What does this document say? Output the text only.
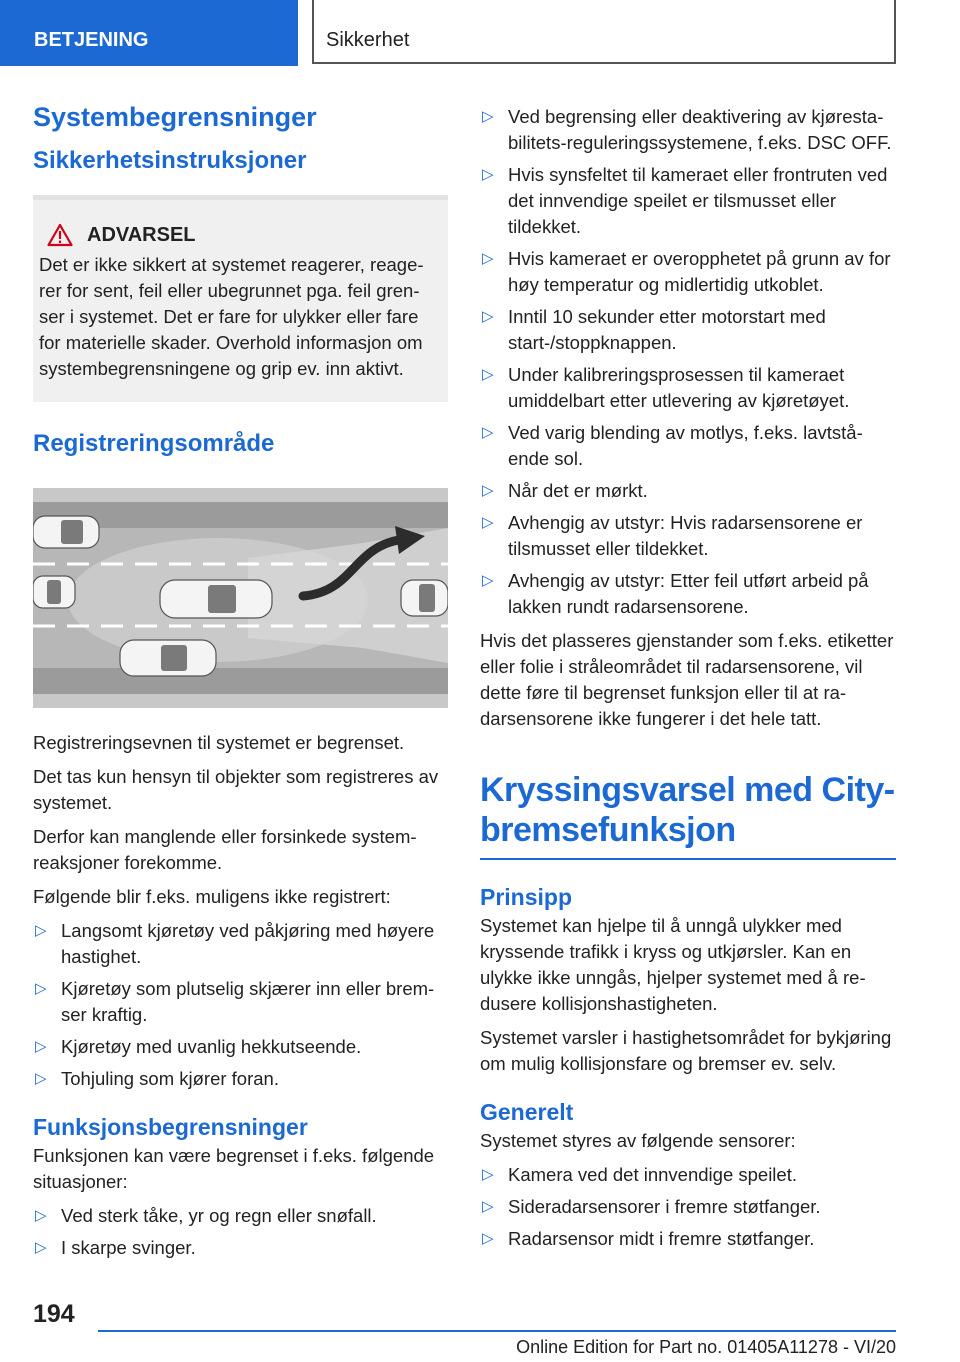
BETJENING	Sikkerhet
Systembegrensninger
Sikkerhetsinstruksjoner
ADVARSEL
Det er ikke sikkert at systemet reagerer, reagerer for sent, feil eller ubegrunnet pga. feil grenser i systemet. Det er fare for ulykker eller fare for materielle skader. Overhold informasjon om systembegrensningene og grip ev. inn aktivt.
Registreringsområde

Registreringsevnen til systemet er begrenset.

Det tas kun hensyn til objekter som registreres av systemet.

Derfor kan manglende eller forsinkede systemreaksjoner forekomme.

Følgende blir f.eks. muligens ikke registrert:

▷ Langsomt kjøretøy ved påkjøring med høyere hastighet.
▷ Kjøretøy som plutselig skjærer inn eller bremser kraftig.
▷ Kjøretøy med uvanlig hekkutseende.
▷ Tohjuling som kjører foran.
Funksjonsbegrensninger

Funksjonen kan være begrenset i f.eks. følgende situasjoner:

▷ Ved sterk tåke, yr og regn eller snøfall.
▷ I skarpe svinger.
▷ Ved begrensing eller deaktivering av kjørestabilitets-reguleringssystemene, f.eks. DSC OFF.
▷ Hvis synsfeltet til kameraet eller frontruten ved det innvendige speilet er tilsmusset eller tildekket.
▷ Hvis kameraet er overopphetet på grunn av for høy temperatur og midlertidig utkoblet.
▷ Inntil 10 sekunder etter motorstart med start-/stoppknappen.
▷ Under kalibreringsprosessen til kameraet umiddelbart etter utlevering av kjøretøyet.
▷ Ved varig blending av motlys, f.eks. lavtstående sol.
▷ Når det er mørkt.
▷ Avhengig av utstyr: Hvis radarsensorene er tilsmusset eller tildekket.
▷ Avhengig av utstyr: Etter feil utført arbeid på lakken rundt radarsensorene.

Hvis det plasseres gjenstander som f.eks. etiketter eller folie i stråleområdet til radarsensorene, vil dette føre til begrenset funksjon eller til at radarsensorene ikke fungerer i det hele tatt.

Kryssingsvarsel med City-bremsefunksjon
Prinsipp

Systemet kan hjelpe til å unngå ulykker med kryssende trafikk i kryss og utkjørsler. Kan en ulykke ikke unngås, hjelper systemet med å redusere kollisjonshastigheten.

Systemet varsler i hastighetsområdet for bykjøring om mulig kollisjonsfare og bremser ev. selv.

Generelt

Systemet styres av følgende sensorer:

▷ Kamera ved det innvendige speilet.
▷ Sideradarsensorer i fremre støtfanger.
▷ Radarsensor midt i fremre støtfanger.
194
Online Edition for Part no. 01405A11278 - VI/20
